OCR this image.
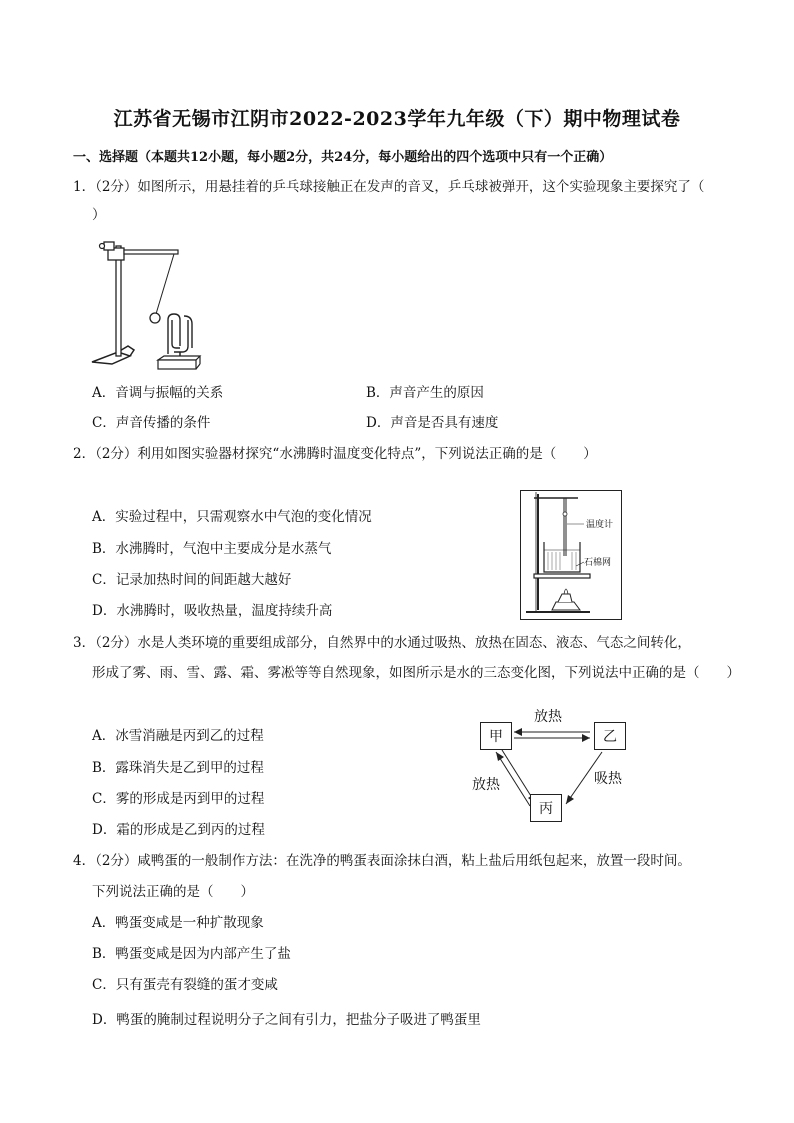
江苏省无锡市江阴市2022-2023学年九年级（下）期中物理试卷
一、选择题（本题共12小题，每小题2分，共24分，每小题给出的四个选项中只有一个正确）
1．（2分）如图所示，用悬挂着的乒乓球接触正在发声的音叉，乒乓球被弹开，这个实验现象主要探究了（
）
A．音调与振幅的关系	B．声音产生的原因
C．声音传播的条件	D．声音是否具有速度
2．（2分）利用如图实验器材探究“水沸腾时温度变化特点”，下列说法正确的是（　　）
A．实验过程中，只需观察水中气泡的变化情况
B．水沸腾时，气泡中主要成分是水蒸气
C．记录加热时间的间距越大越好
D．水沸腾时，吸收热量，温度持续升高
温度计
石棉网
3．（2分）水是人类环境的重要组成部分，自然界中的水通过吸热、放热在固态、液态、气态之间转化，
形成了雾、雨、雪、露、霜、雾凇等等自然现象，如图所示是水的三态变化图，下列说法中正确的是（　　）
A．冰雪消融是丙到乙的过程
B．露珠消失是乙到甲的过程
C．雾的形成是丙到甲的过程
D．霜的形成是乙到丙的过程
甲	乙
丙
放热
放热	吸热
4．（2分）咸鸭蛋的一般制作方法：在洗净的鸭蛋表面涂抹白酒，粘上盐后用纸包起来，放置一段时间。
下列说法正确的是（　　）
A．鸭蛋变咸是一种扩散现象
B．鸭蛋变咸是因为内部产生了盐
C．只有蛋壳有裂缝的蛋才变咸
D．鸭蛋的腌制过程说明分子之间有引力，把盐分子吸进了鸭蛋里
